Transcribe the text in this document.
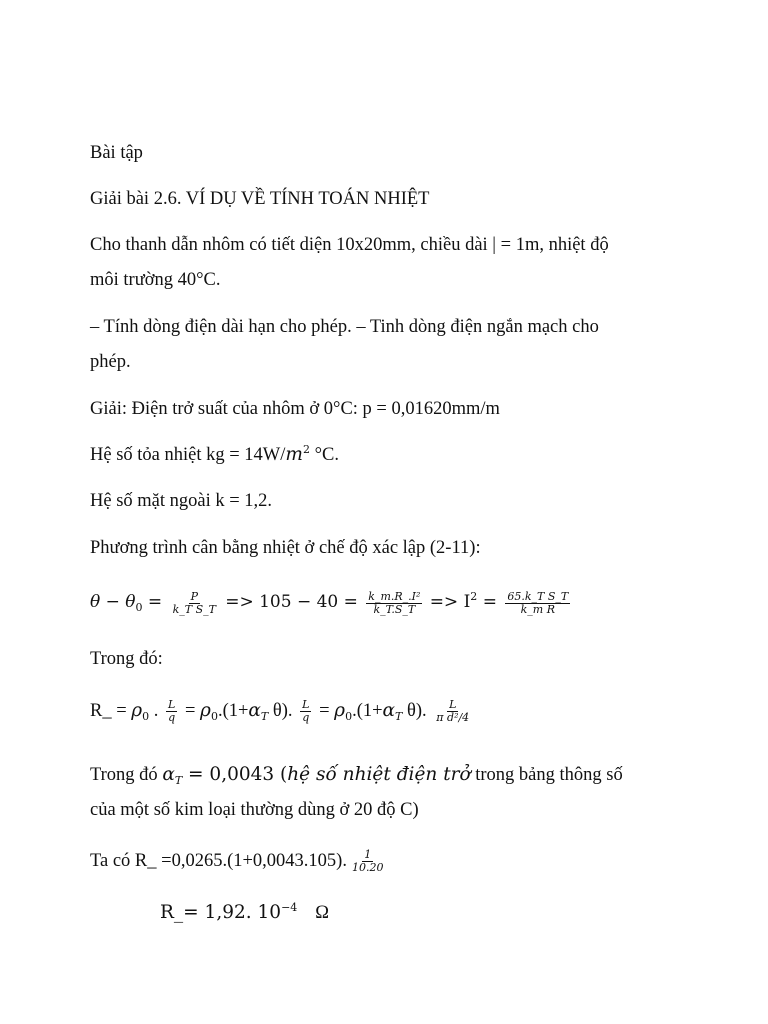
Bài tập
Giải bài 2.6. VÍ DỤ VỀ TÍNH TOÁN NHIỆT
Cho thanh dẫn nhôm có tiết diện 10x20mm, chiều dài | = 1m, nhiệt độ
môi trường 40°C.
– Tính dòng điện dài hạn cho phép. – Tinh dòng điện ngắn mạch cho
phép.
Giải: Điện trở suất của nhôm ở 0°C: p = 0,01620mm/m
Hệ số tỏa nhiệt kg = $14W/m^2$ °C.
Hệ số mặt ngoài k = 1,2.
Phương trình cân bằng nhiệt ở chế độ xác lập (2-11):
$\theta - \theta_0 = \frac{P}{\text{k\_T S\_T}} => 105 - 40 = \frac{\text{k\_m.R\_.I²}}{k\_T.S\_T} => I^2 = \frac{\text{65.k\_T S\_T}}{\text{k\_m R}}$
Trong đó:
R_ = $\rho_0$ . $\frac{L}{q} = \rho_0.(1+\alpha_T$ θ). $\frac{L}{q} = \rho_0.(1+\alpha_T$ θ). $\frac{L}{\text{π d²/4}}$
Trong đó $\alpha_T = 0,0043$ (hệ số nhiệt điện trở trong bảng thông số
của một số kim loại thường dùng ở 20 độ C)
Ta có R_ =0,0265.(1+0,0043.105). $\frac{1}{10.20}$
R_= 1,92. $10^{-4}$ Ω
